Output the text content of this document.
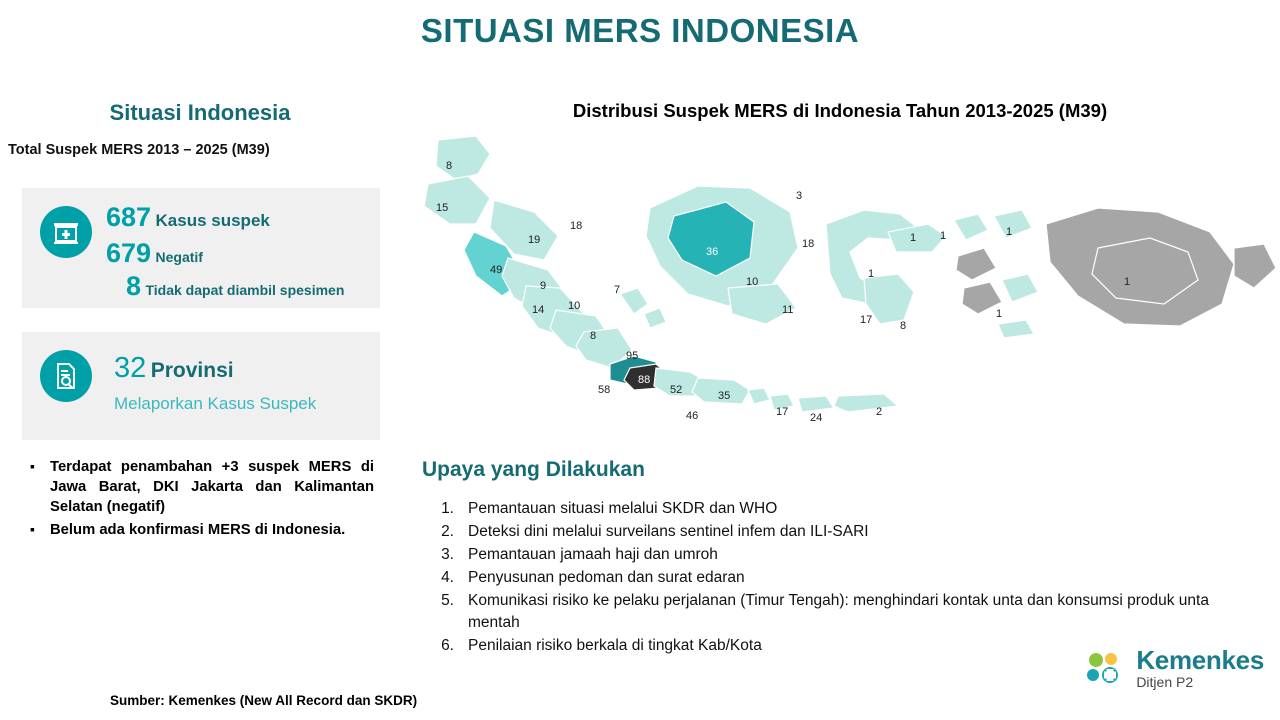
SITUASI MERS INDONESIA
Situasi Indonesia
Total Suspek MERS 2013 – 2025 (M39)
687 Kasus suspek
679 Negatif
8 Tidak dapat diambil spesimen
32 Provinsi
Melaporkan Kasus Suspek
▪ Terdapat penambahan +3 suspek MERS di Jawa Barat, DKI Jakarta dan Kalimantan Selatan (negatif)
▪ Belum ada konfirmasi MERS di Indonesia.
Distribusi Suspek MERS di Indonesia Tahun 2013-2025 (M39)
8
15
18
3
19
49
36
18	1 1	1
9	10
1
1
14 10
7
11
17	8
1
8
95
88
58	52	35
46	17 24	2
Upaya yang Dilakukan
1. Pemantauan situasi melalui SKDR dan WHO
2. Deteksi dini melalui surveilans sentinel infem dan ILI-SARI
3. Pemantauan jamaah haji dan umroh
4. Penyusunan pedoman dan surat edaran
5. Komunikasi risiko ke pelaku perjalanan (Timur Tengah): menghindari kontak unta dan konsumsi produk unta mentah
6. Penilaian risiko berkala di tingkat Kab/Kota
Sumber: Kemenkes (New All Record dan SKDR)
Kemenkes
Ditjen P2
